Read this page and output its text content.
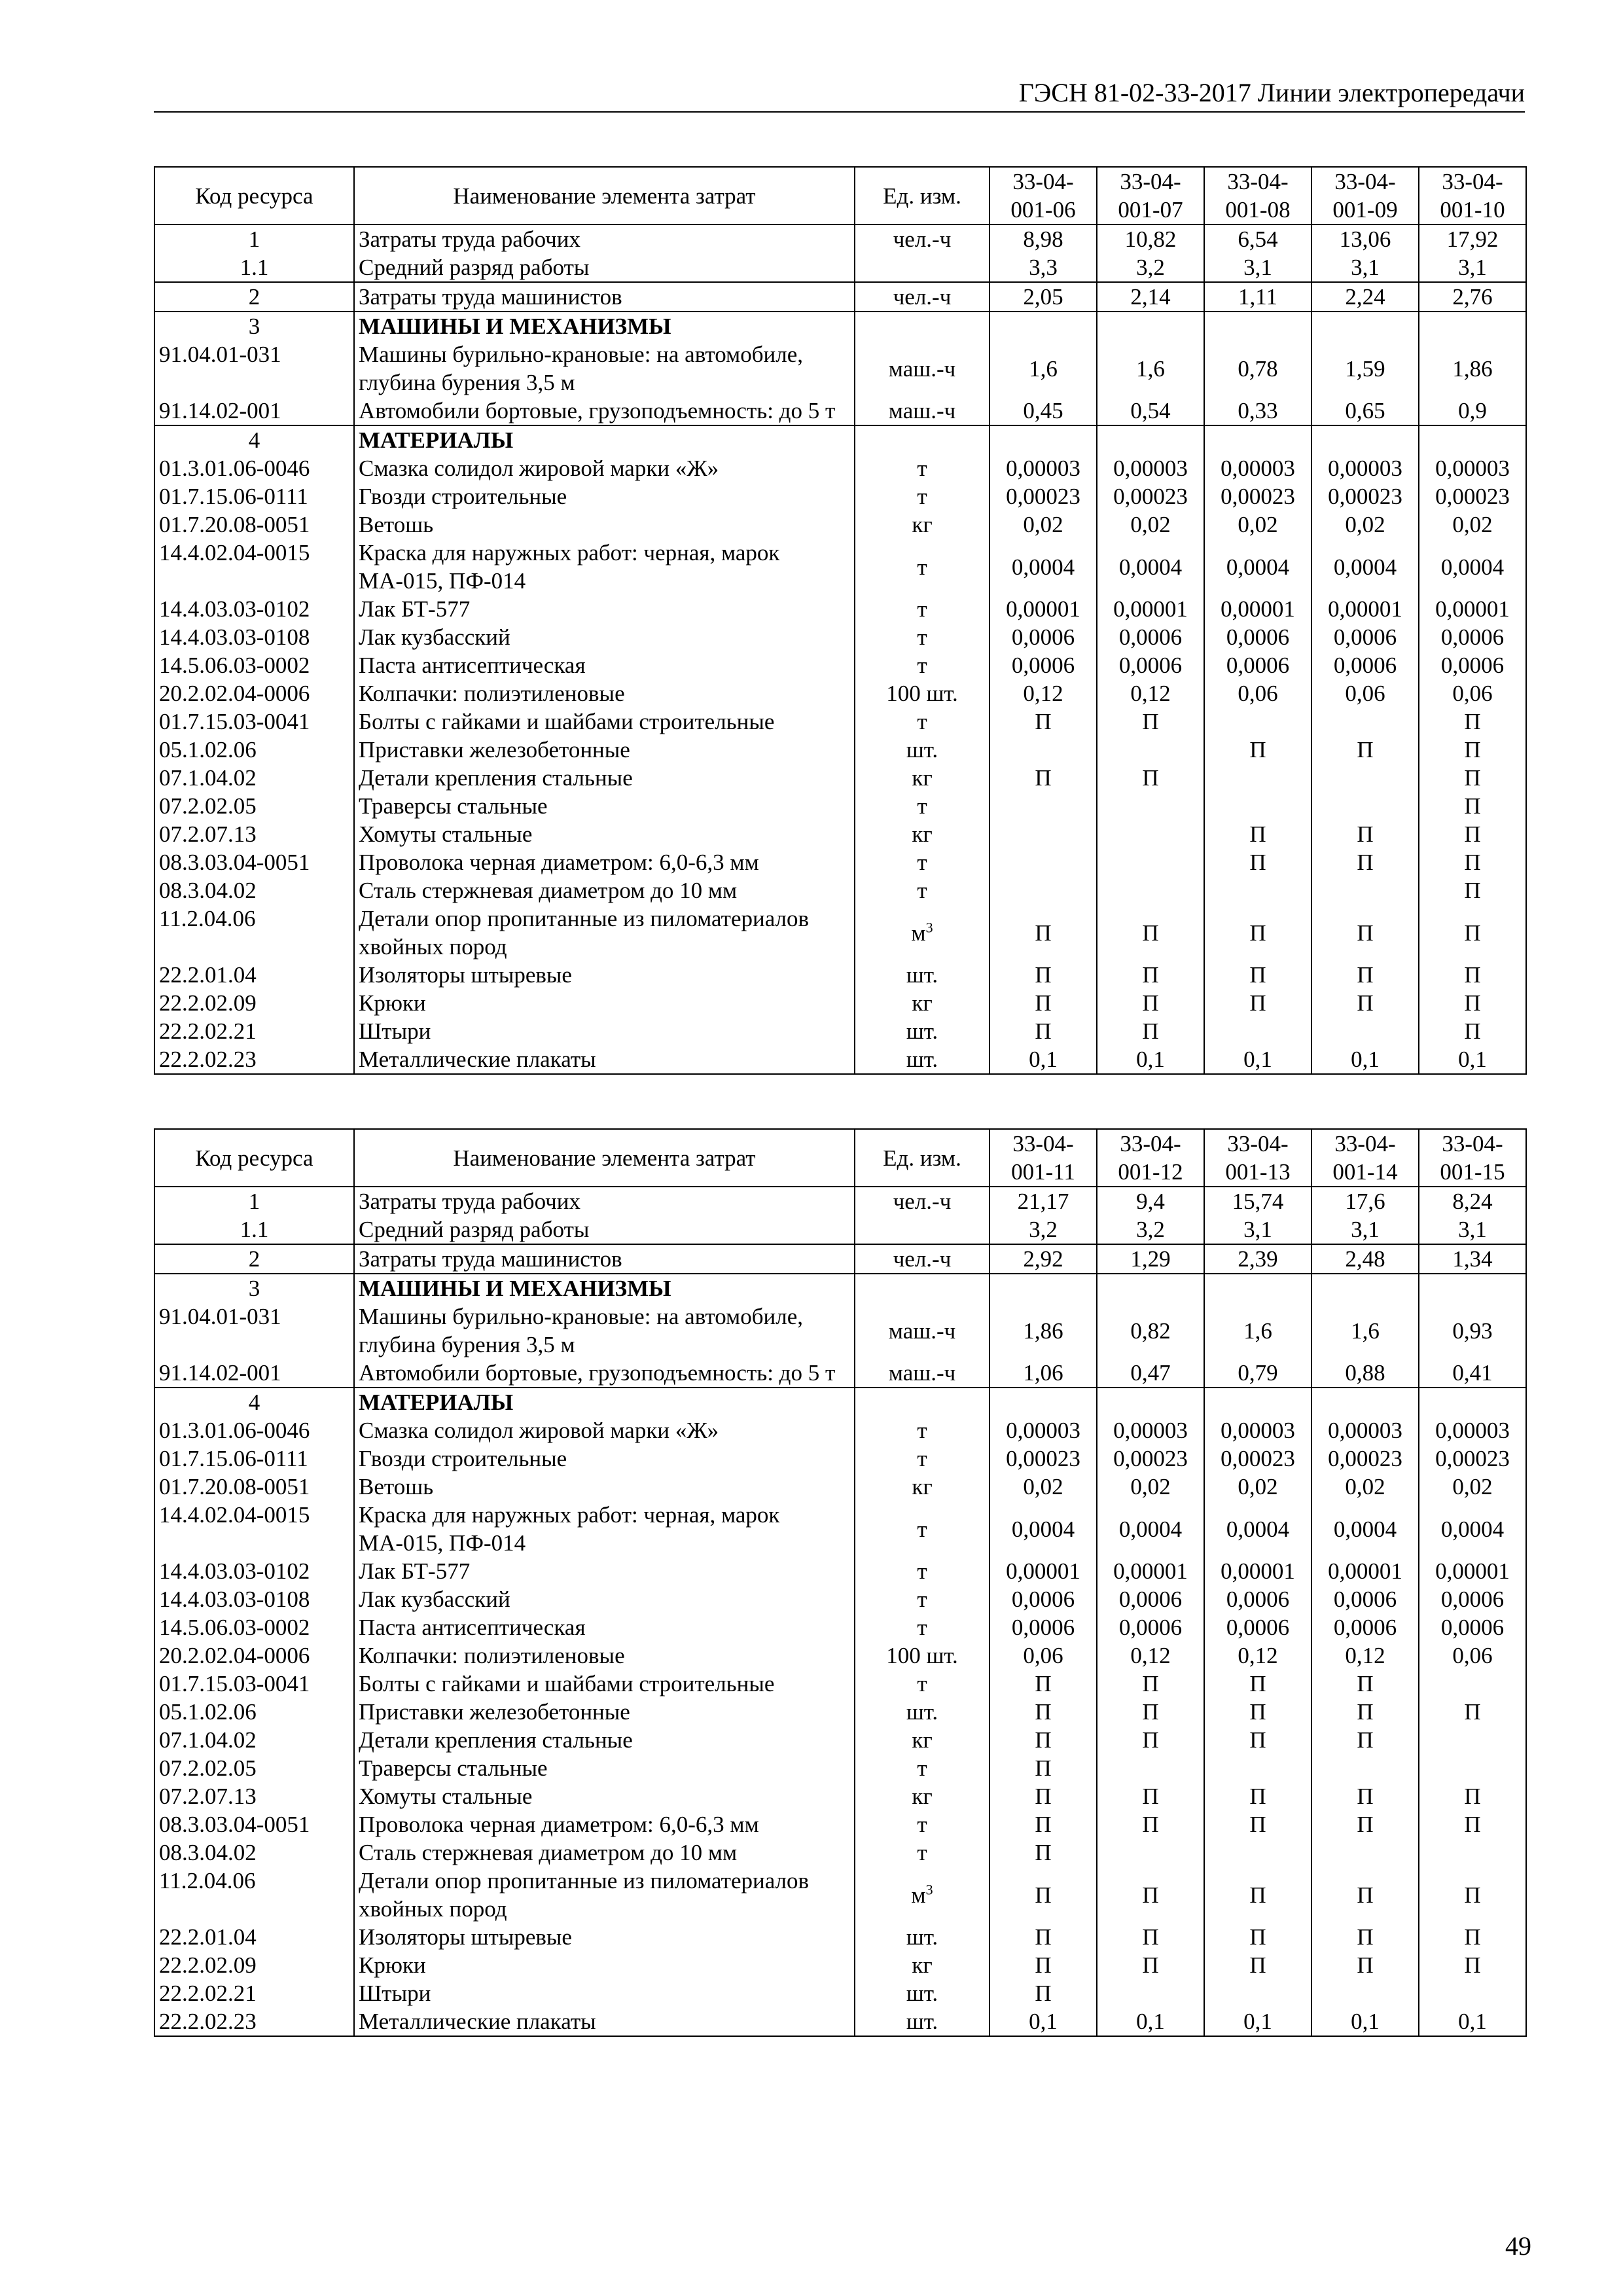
ГЭСН 81-02-33-2017 Линии электропередачи
Код ресурса	Наименование элемента затрат	Ед. изм.	33-04-001-06	33-04-001-07	33-04-001-08	33-04-001-09	33-04-001-10
1	Затраты труда рабочих	чел.-ч	8,98	10,82	6,54	13,06	17,92
1.1	Средний разряд работы		3,3	3,2	3,1	3,1	3,1
2	Затраты труда машинистов	чел.-ч	2,05	2,14	1,11	2,24	2,76
3	МАШИНЫ И МЕХАНИЗМЫ						
91.04.01-031	Машины бурильно-крановые: на автомобиле, глубина бурения 3,5 м	маш.-ч	1,6	1,6	0,78	1,59	1,86
91.14.02-001	Автомобили бортовые, грузоподъемность: до 5 т	маш.-ч	0,45	0,54	0,33	0,65	0,9
4	МАТЕРИАЛЫ						
01.3.01.06-0046	Смазка солидол жировой марки «Ж»	т	0,00003	0,00003	0,00003	0,00003	0,00003
01.7.15.06-0111	Гвозди строительные	т	0,00023	0,00023	0,00023	0,00023	0,00023
01.7.20.08-0051	Ветошь	кг	0,02	0,02	0,02	0,02	0,02
14.4.02.04-0015	Краска для наружных работ: черная, марок МА-015, ПФ-014	т	0,0004	0,0004	0,0004	0,0004	0,0004
14.4.03.03-0102	Лак БТ-577	т	0,00001	0,00001	0,00001	0,00001	0,00001
14.4.03.03-0108	Лак кузбасский	т	0,0006	0,0006	0,0006	0,0006	0,0006
14.5.06.03-0002	Паста антисептическая	т	0,0006	0,0006	0,0006	0,0006	0,0006
20.2.02.04-0006	Колпачки: полиэтиленовые	100 шт.	0,12	0,12	0,06	0,06	0,06
01.7.15.03-0041	Болты с гайками и шайбами строительные	т	П	П			П
05.1.02.06	Приставки железобетонные	шт.			П	П	П
07.1.04.02	Детали крепления стальные	кг	П	П			П
07.2.02.05	Траверсы стальные	т					П
07.2.07.13	Хомуты стальные	кг			П	П	П
08.3.03.04-0051	Проволока черная диаметром: 6,0-6,3 мм	т			П	П	П
08.3.04.02	Сталь стержневая диаметром до 10 мм	т					П
11.2.04.06	Детали опор пропитанные из пиломатериалов хвойных пород	$м^3$	П	П	П	П	П
22.2.01.04	Изоляторы штыревые	шт.	П	П	П	П	П
22.2.02.09	Крюки	кг	П	П	П	П	П
22.2.02.21	Штыри	шт.	П	П			П
22.2.02.23	Металлические плакаты	шт.	0,1	0,1	0,1	0,1	0,1
Код ресурса	Наименование элемента затрат	Ед. изм.	33-04-001-11	33-04-001-12	33-04-001-13	33-04-001-14	33-04-001-15
1	Затраты труда рабочих	чел.-ч	21,17	9,4	15,74	17,6	8,24
1.1	Средний разряд работы		3,2	3,2	3,1	3,1	3,1
2	Затраты труда машинистов	чел.-ч	2,92	1,29	2,39	2,48	1,34
3	МАШИНЫ И МЕХАНИЗМЫ						
91.04.01-031	Машины бурильно-крановые: на автомобиле, глубина бурения 3,5 м	маш.-ч	1,86	0,82	1,6	1,6	0,93
91.14.02-001	Автомобили бортовые, грузоподъемность: до 5 т	маш.-ч	1,06	0,47	0,79	0,88	0,41
4	МАТЕРИАЛЫ						
01.3.01.06-0046	Смазка солидол жировой марки «Ж»	т	0,00003	0,00003	0,00003	0,00003	0,00003
01.7.15.06-0111	Гвозди строительные	т	0,00023	0,00023	0,00023	0,00023	0,00023
01.7.20.08-0051	Ветошь	кг	0,02	0,02	0,02	0,02	0,02
14.4.02.04-0015	Краска для наружных работ: черная, марок МА-015, ПФ-014	т	0,0004	0,0004	0,0004	0,0004	0,0004
14.4.03.03-0102	Лак БТ-577	т	0,00001	0,00001	0,00001	0,00001	0,00001
14.4.03.03-0108	Лак кузбасский	т	0,0006	0,0006	0,0006	0,0006	0,0006
14.5.06.03-0002	Паста антисептическая	т	0,0006	0,0006	0,0006	0,0006	0,0006
20.2.02.04-0006	Колпачки: полиэтиленовые	100 шт.	0,06	0,12	0,12	0,12	0,06
01.7.15.03-0041	Болты с гайками и шайбами строительные	т	П	П	П	П	
05.1.02.06	Приставки железобетонные	шт.	П	П	П	П	П
07.1.04.02	Детали крепления стальные	кг	П	П	П	П	
07.2.02.05	Траверсы стальные	т	П				
07.2.07.13	Хомуты стальные	кг	П	П	П	П	П
08.3.03.04-0051	Проволока черная диаметром: 6,0-6,3 мм	т	П	П	П	П	П
08.3.04.02	Сталь стержневая диаметром до 10 мм	т	П				
11.2.04.06	Детали опор пропитанные из пиломатериалов хвойных пород	$м^3$	П	П	П	П	П
22.2.01.04	Изоляторы штыревые	шт.	П	П	П	П	П
22.2.02.09	Крюки	кг	П	П	П	П	П
22.2.02.21	Штыри	шт.	П				
22.2.02.23	Металлические плакаты	шт.	0,1	0,1	0,1	0,1	0,1
49
